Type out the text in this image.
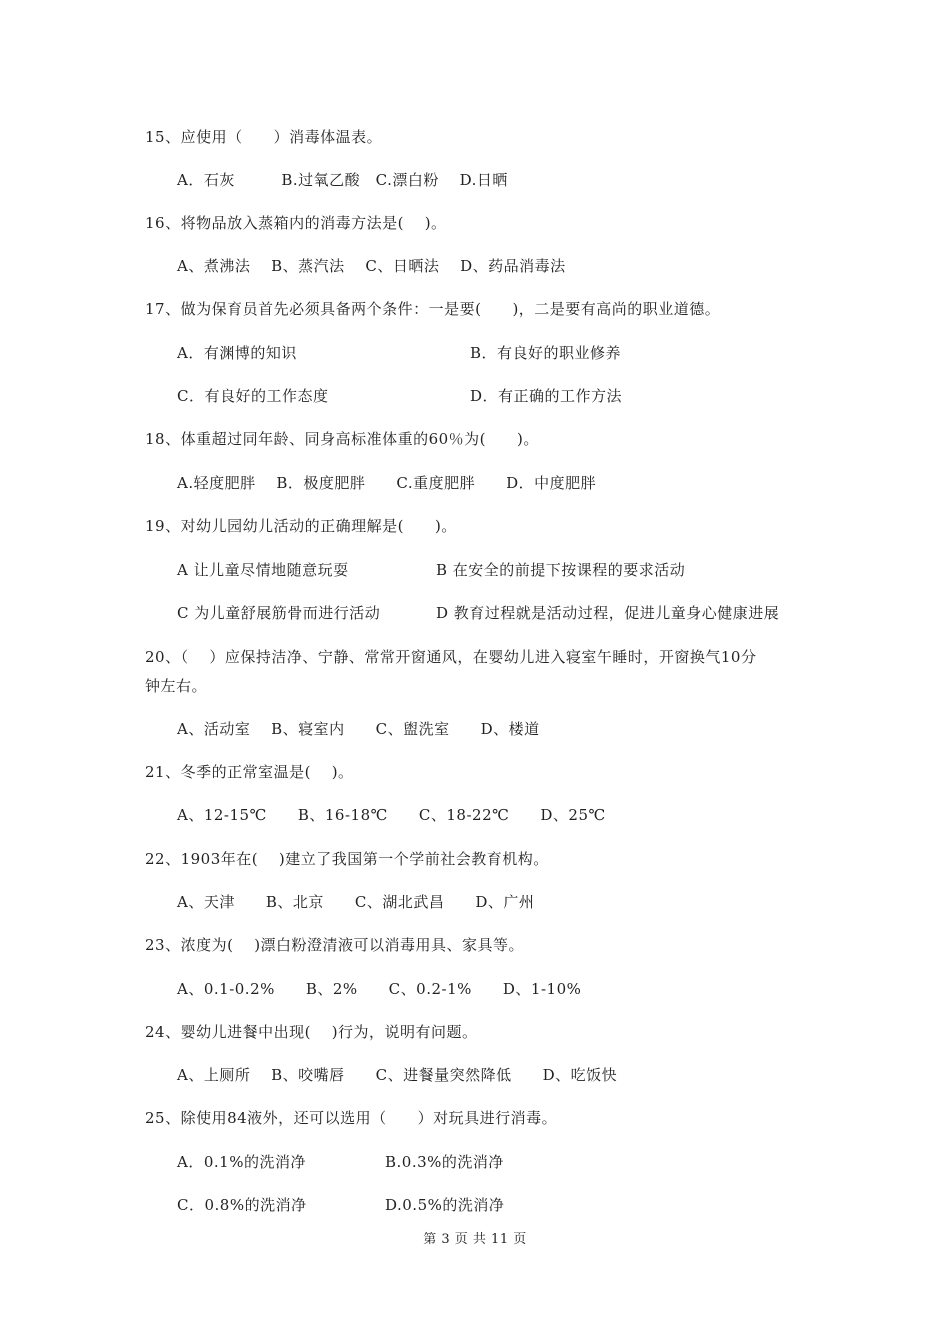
15、应使用（　　）消毒体温表。
A．石灰　　　B.过氧乙酸　C.漂白粉　 D.日晒
16、将物品放入蒸箱内的消毒方法是(　 )。
A、煮沸法　 B、蒸汽法　 C、日晒法　 D、药品消毒法
17、做为保育员首先必须具备两个条件：一是要(　　)，二是要有高尚的职业道德。
A．有渊博的知识	B．有良好的职业修养
C．有良好的工作态度	D．有正确的工作方法
18、体重超过同年龄、同身高标准体重的60％为(　　)。
A.轻度肥胖　 B．极度肥胖　　C.重度肥胖　　D．中度肥胖
19、对幼儿园幼儿活动的正确理解是(　　)。
A 让儿童尽情地随意玩耍	B 在安全的前提下按课程的要求活动
C 为儿童舒展筋骨而进行活动	D 教育过程就是活动过程，促进儿童身心健康进展
20、（　 ）应保持洁净、宁静、常常开窗通风，在婴幼儿进入寝室午睡时，开窗换气10分
钟左右。
A、活动室　 B、寝室内　　C、盥洗室　　D、楼道
21、冬季的正常室温是(　 )。
A、12-15℃　　B、16-18℃　　C、18-22℃　　D、25℃
22、1903年在(　 )建立了我国第一个学前社会教育机构。
A、天津　　B、北京　　C、湖北武昌　　D、广州
23、浓度为(　 )漂白粉澄清液可以消毒用具、家具等。
A、0.1-0.2%　　B、2%　　C、0.2-1%　　D、1-10%
24、婴幼儿进餐中出现(　 )行为，说明有问题。
A、上厕所　 B、咬嘴唇　　C、进餐量突然降低　　D、吃饭快
25、除使用84液外，还可以选用（　　）对玩具进行消毒。
A．0.1%的洗消净	B.0.3%的洗消净
C．0.8%的洗消净	D.0.5%的洗消净
第 3 页 共 11 页
